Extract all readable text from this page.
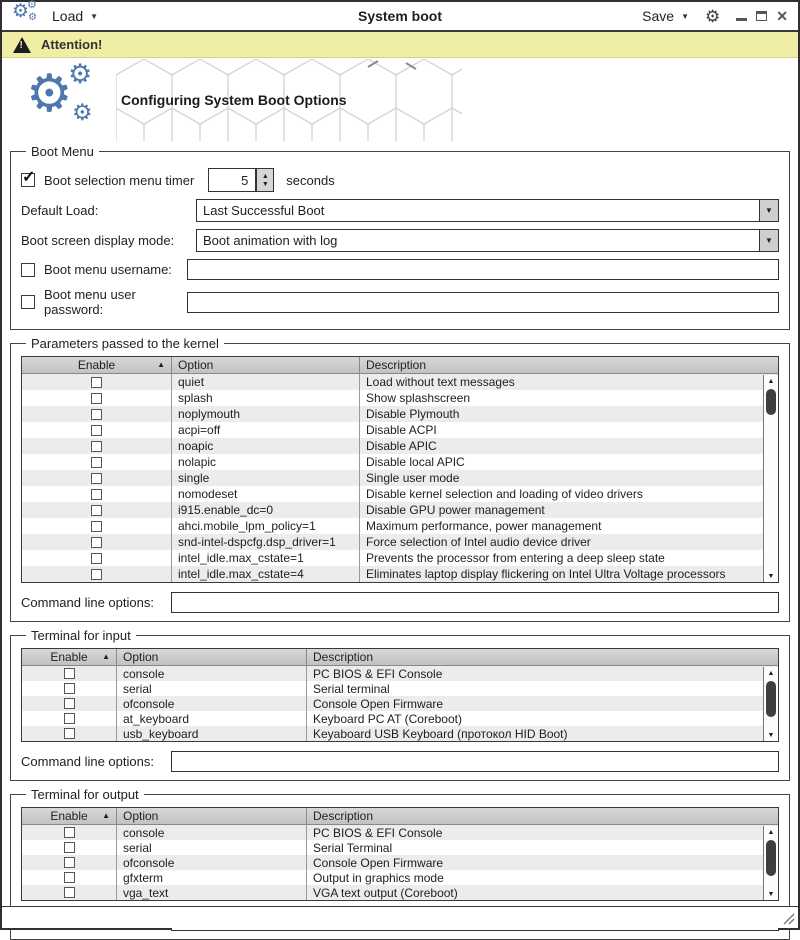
⚙
⚙
⚙ Load ▼	System boot	Save ▼ ⚙	✕
! Attention!
⚙
⚙
⚙	Configuring System Boot Options
Boot Menu
✓ Boot selection menu timer	5	▲
▼ seconds
Default Load:	Last Successful Boot	▼
Boot screen display mode:	Boot animation with log	▼
Boot menu username:
Boot menu user password:
Parameters passed to the kernel
Enable	▲ Option	Description
quiet	Load without text messages
splash	Show splashscreen
noplymouth	Disable Plymouth
acpi=off	Disable ACPI
noapic	Disable APIC
nolapic	Disable local APIC
single	Single user mode
nomodeset	Disable kernel selection and loading of video drivers
i915.enable_dc=0	Disable GPU power management
ahci.mobile_lpm_policy=1	Maximum performance, power management
snd-intel-dspcfg.dsp_driver=1	Force selection of Intel audio device driver
intel_idle.max_cstate=1	Prevents the processor from entering a deep sleep state
intel_idle.max_cstate=4	Eliminates laptop display flickering on Intel Ultra Voltage processors
▲
▼
Command line options:
Terminal for input
Enable ▲ Option	Description
console	PC BIOS & EFI Console
serial	Serial terminal
ofconsole	Console Open Firmware
at_keyboard	Keyboard PC AT (Coreboot)
usb_keyboard	Keyaboard USB Keyboard (протокол HID Boot)
▲
▼
Command line options:
Terminal for output
Enable ▲ Option	Description
console	PC BIOS & EFI Console
serial	Serial Terminal
ofconsole	Console Open Firmware
gfxterm	Output in graphics mode
vga_text	VGA text output (Coreboot)
▲
▼
